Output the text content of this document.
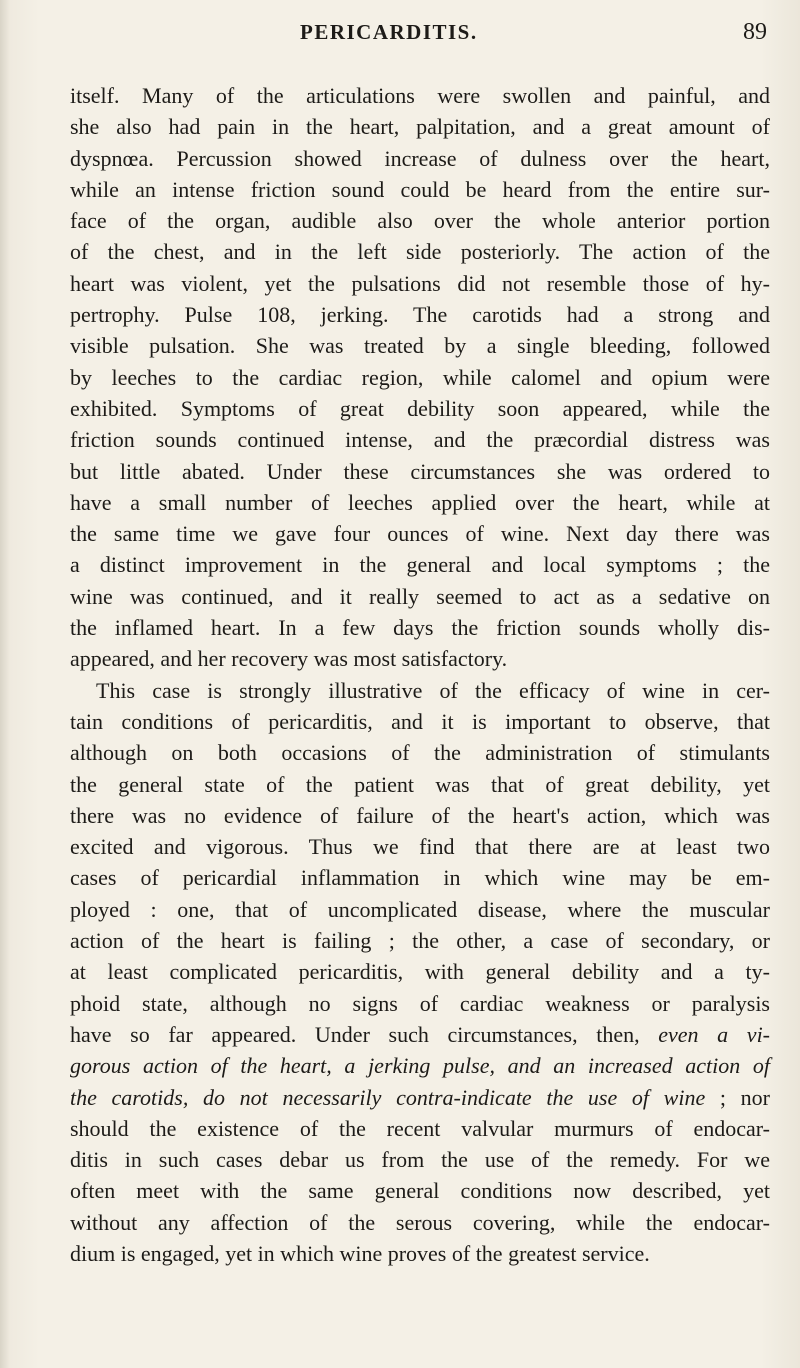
PERICARDITIS.	89

itself. Many of the articulations were swollen and painful, and
she also had pain in the heart, palpitation, and a great amount of
dyspnœa. Percussion showed increase of dulness over the heart,
while an intense friction sound could be heard from the entire sur-
face of the organ, audible also over the whole anterior portion
of the chest, and in the left side posteriorly. The action of the
heart was violent, yet the pulsations did not resemble those of hy-
pertrophy. Pulse 108, jerking. The carotids had a strong and
visible pulsation. She was treated by a single bleeding, followed
by leeches to the cardiac region, while calomel and opium were
exhibited. Symptoms of great debility soon appeared, while the
friction sounds continued intense, and the præcordial distress was
but little abated. Under these circumstances she was ordered to
have a small number of leeches applied over the heart, while at
the same time we gave four ounces of wine. Next day there was
a distinct improvement in the general and local symptoms ; the
wine was continued, and it really seemed to act as a sedative on
the inflamed heart. In a few days the friction sounds wholly dis-
appeared, and her recovery was most satisfactory.

This case is strongly illustrative of the efficacy of wine in cer-
tain conditions of pericarditis, and it is important to observe, that
although on both occasions of the administration of stimulants
the general state of the patient was that of great debility, yet
there was no evidence of failure of the heart's action, which was
excited and vigorous. Thus we find that there are at least two
cases of pericardial inflammation in which wine may be em-
ployed : one, that of uncomplicated disease, where the muscular
action of the heart is failing ; the other, a case of secondary, or
at least complicated pericarditis, with general debility and a ty-
phoid state, although no signs of cardiac weakness or paralysis
have so far appeared. Under such circumstances, then, even a vi-
gorous action of the heart, a jerking pulse, and an increased action of
the carotids, do not necessarily contra-indicate the use of wine ; nor
should the existence of the recent valvular murmurs of endocar-
ditis in such cases debar us from the use of the remedy. For we
often meet with the same general conditions now described, yet
without any affection of the serous covering, while the endocar-
dium is engaged, yet in which wine proves of the greatest service.
